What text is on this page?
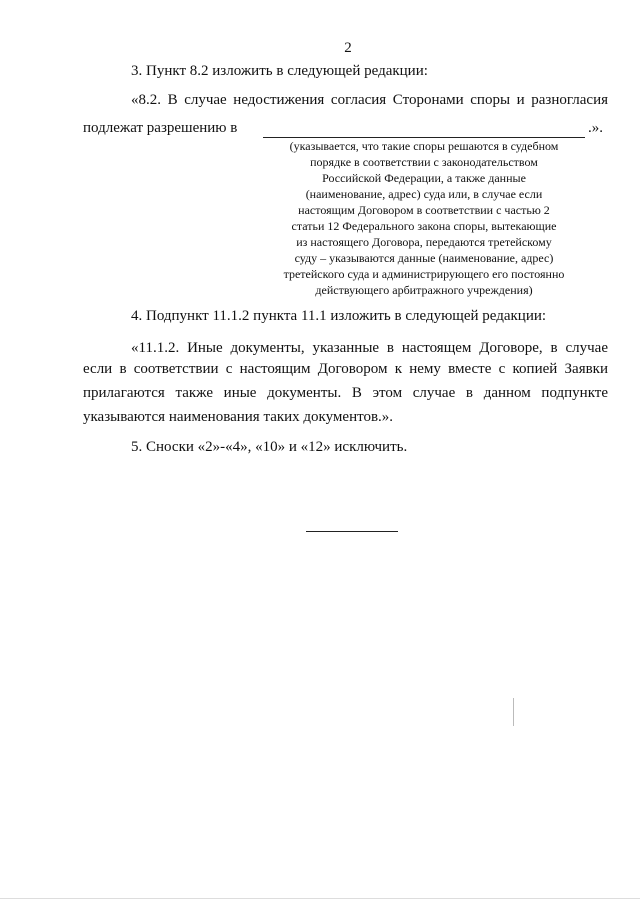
2
3. Пункт 8.2 изложить в следующей редакции:
«8.2. В случае недостижения согласия Сторонами споры и разногласия
подлежат разрешению в	.».
(указывается, что такие споры решаются в судебном
порядке в соответствии с законодательством
Российской Федерации, а также данные
(наименование, адрес) суда или, в случае если
настоящим Договором в соответствии с частью 2
статьи 12 Федерального закона споры, вытекающие
из настоящего Договора, передаются третейскому
суду – указываются данные (наименование, адрес)
третейского суда и администрирующего его постоянно
действующего арбитражного учреждения)
4. Подпункт 11.1.2 пункта 11.1 изложить в следующей редакции:
«11.1.2. Иные документы, указанные в настоящем Договоре, в случае
если в соответствии с настоящим Договором к нему вместе с копией Заявки
прилагаются также иные документы. В этом случае в данном подпункте
указываются наименования таких документов.».
5. Сноски «2»-«4», «10» и «12» исключить.
